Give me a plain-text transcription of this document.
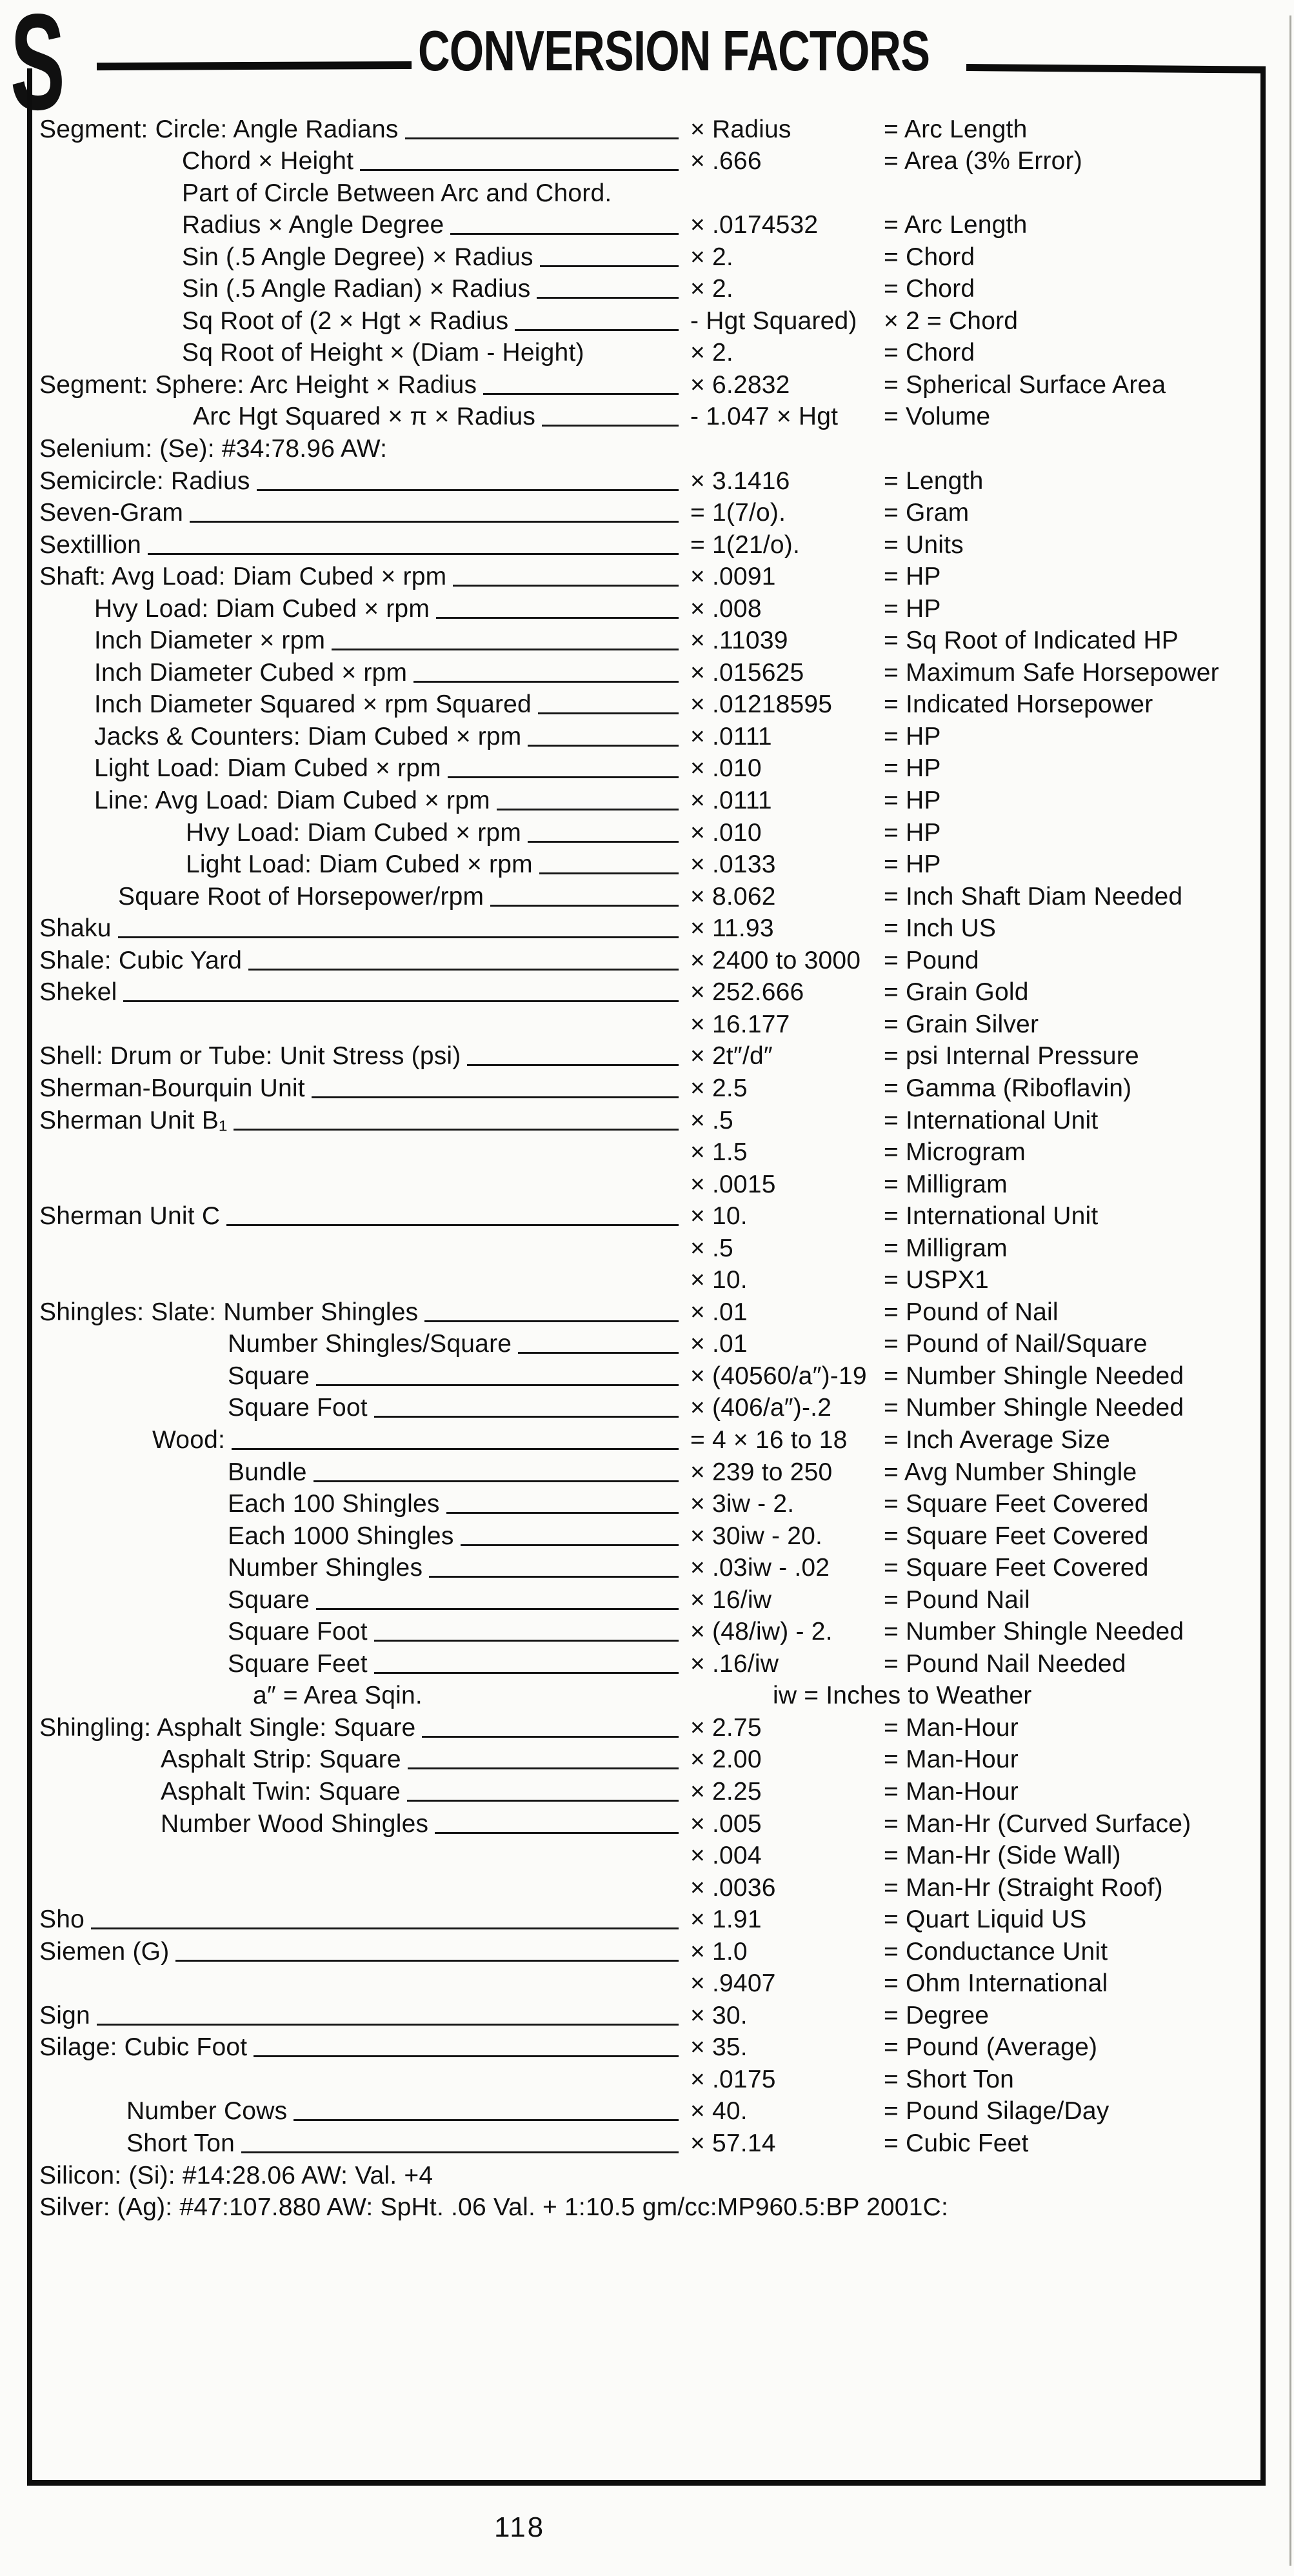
S	CONVERSION FACTORS
Segment: Circle: Angle Radians	× Radius	= Arc Length
Chord × Height	× .666	= Area (3% Error)
Part of Circle Between Arc and Chord.
Radius × Angle Degree	× .0174532	= Arc Length
Sin (.5 Angle Degree) × Radius	× 2.	= Chord
Sin (.5 Angle Radian) × Radius	× 2.	= Chord
Sq Root of (2 × Hgt × Radius	- Hgt Squared)	× 2 = Chord
Sq Root of Height × (Diam - Height)	× 2.	= Chord
Segment: Sphere: Arc Height × Radius	× 6.2832	= Spherical Surface Area
Arc Hgt Squared × π × Radius	- 1.047 × Hgt	= Volume
Selenium: (Se): #34:78.96 AW:
Semicircle: Radius	× 3.1416	= Length
Seven-Gram	= 1(7/o).	= Gram
Sextillion	= 1(21/o).	= Units
Shaft: Avg Load: Diam Cubed × rpm	× .0091	= HP
Hvy Load: Diam Cubed × rpm	× .008	= HP
Inch Diameter × rpm	× .11039	= Sq Root of Indicated HP
Inch Diameter Cubed × rpm	× .015625	= Maximum Safe Horsepower
Inch Diameter Squared × rpm Squared	× .01218595	= Indicated Horsepower
Jacks & Counters: Diam Cubed × rpm	× .0111	= HP
Light Load: Diam Cubed × rpm	× .010	= HP
Line: Avg Load: Diam Cubed × rpm	× .0111	= HP
Hvy Load: Diam Cubed × rpm	× .010	= HP
Light Load: Diam Cubed × rpm	× .0133	= HP
Square Root of Horsepower/rpm	× 8.062	= Inch Shaft Diam Needed
Shaku	× 11.93	= Inch US
Shale: Cubic Yard	× 2400 to 3000 = Pound
Shekel	× 252.666	= Grain Gold
× 16.177	= Grain Silver
Shell: Drum or Tube: Unit Stress (psi)	× 2t″/d″	= psi Internal Pressure
Sherman-Bourquin Unit	× 2.5	= Gamma (Riboflavin)
Sherman Unit B₁	× .5	= International Unit
× 1.5	= Microgram
× .0015	= Milligram
Sherman Unit C	× 10.	= International Unit
× .5	= Milligram
× 10.	= USPX1
Shingles: Slate: Number Shingles	× .01	= Pound of Nail
Number Shingles/Square	× .01	= Pound of Nail/Square
Square	× (40560/a″)-19 = Number Shingle Needed
Square Foot	× (406/a″)-.2	= Number Shingle Needed
Wood:	= 4 × 16 to 18	= Inch Average Size
Bundle	× 239 to 250	= Avg Number Shingle
Each 100 Shingles	× 3iw - 2.	= Square Feet Covered
Each 1000 Shingles	× 30iw - 20.	= Square Feet Covered
Number Shingles	× .03iw - .02	= Square Feet Covered
Square	× 16/iw	= Pound Nail
Square Foot	× (48/iw) - 2.	= Number Shingle Needed
Square Feet	× .16/iw	= Pound Nail Needed
a″ = Area Sqin.	iw = Inches to Weather
Shingling: Asphalt Single: Square	× 2.75	= Man-Hour
Asphalt Strip: Square	× 2.00	= Man-Hour
Asphalt Twin: Square	× 2.25	= Man-Hour
Number Wood Shingles	× .005	= Man-Hr (Curved Surface)
× .004	= Man-Hr (Side Wall)
× .0036	= Man-Hr (Straight Roof)
Sho	× 1.91	= Quart Liquid US
Siemen (G)	× 1.0	= Conductance Unit
× .9407	= Ohm International
Sign	× 30.	= Degree
Silage: Cubic Foot	× 35.	= Pound (Average)
× .0175	= Short Ton
Number Cows	× 40.	= Pound Silage/Day
Short Ton	× 57.14	= Cubic Feet
Silicon: (Si): #14:28.06 AW: Val. +4
Silver: (Ag): #47:107.880 AW: SpHt. .06 Val. + 1:10.5 gm/cc:MP960.5:BP 2001C:
118
